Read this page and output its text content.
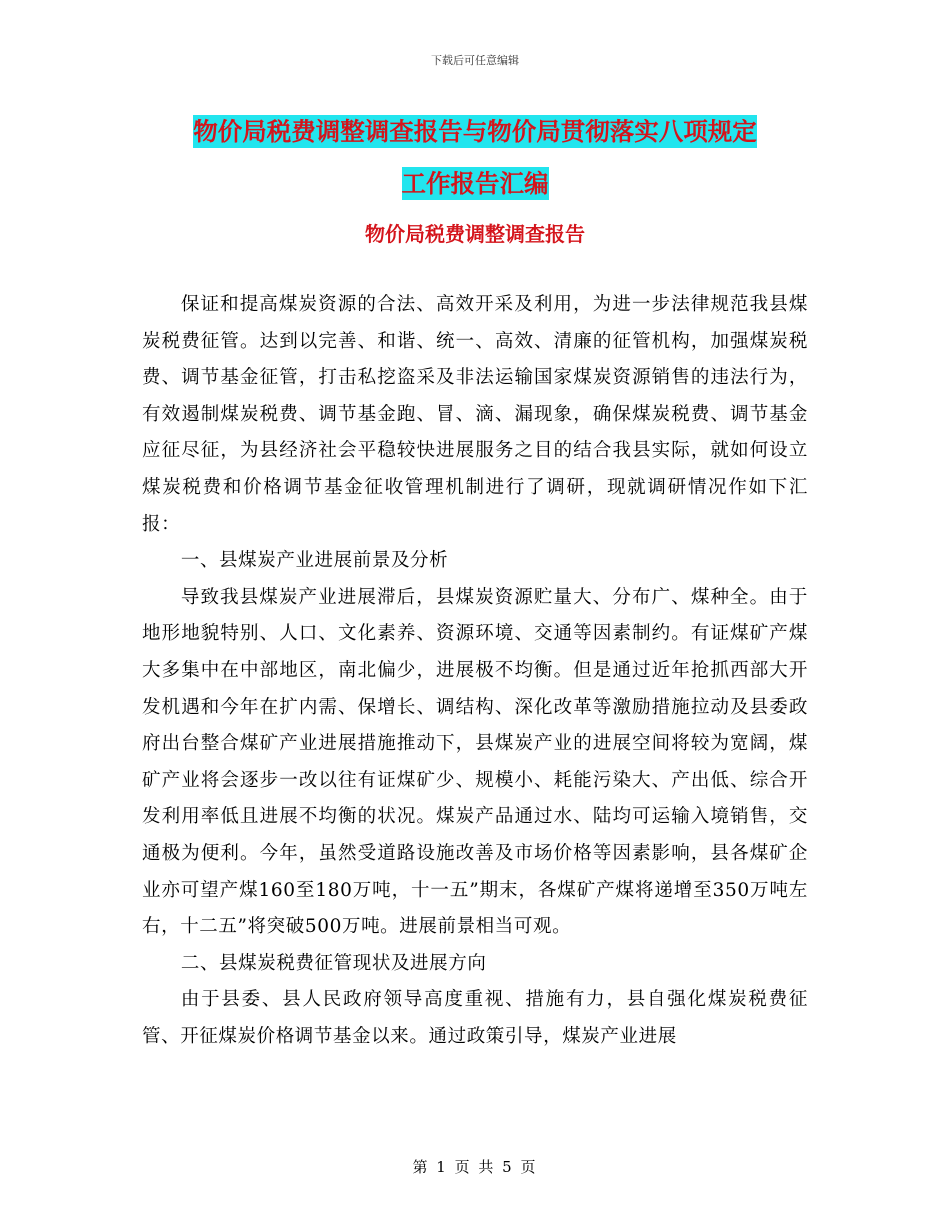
下载后可任意编辑
物价局税费调整调查报告与物价局贯彻落实八项规定
工作报告汇编
物价局税费调整调查报告

保证和提高煤炭资源的合法、高效开采及利用，为进一步法律规范我县煤炭税费征管。达到以完善、和谐、统一、高效、清廉的征管机构，加强煤炭税费、调节基金征管，打击私挖盗采及非法运输国家煤炭资源销售的违法行为，有效遏制煤炭税费、调节基金跑、冒、滴、漏现象，确保煤炭税费、调节基金应征尽征，为县经济社会平稳较快进展服务之目的结合我县实际，就如何设立煤炭税费和价格调节基金征收管理机制进行了调研，现就调研情况作如下汇报：

一、县煤炭产业进展前景及分析

导致我县煤炭产业进展滞后，县煤炭资源贮量大、分布广、煤种全。由于地形地貌特别、人口、文化素养、资源环境、交通等因素制约。有证煤矿产煤大多集中在中部地区，南北偏少，进展极不均衡。但是通过近年抢抓西部大开发机遇和今年在扩内需、保增长、调结构、深化改革等激励措施拉动及县委政府出台整合煤矿产业进展措施推动下，县煤炭产业的进展空间将较为宽阔，煤矿产业将会逐步一改以往有证煤矿少、规模小、耗能污染大、产出低、综合开发利用率低且进展不均衡的状况。煤炭产品通过水、陆均可运输入境销售，交通极为便利。今年，虽然受道路设施改善及市场价格等因素影响，县各煤矿企业亦可望产煤160至180万吨，十一五”期末，各煤矿产煤将递增至350万吨左右，十二五”将突破500万吨。进展前景相当可观。

二、县煤炭税费征管现状及进展方向

由于县委、县人民政府领导高度重视、措施有力，县自强化煤炭税费征管、开征煤炭价格调节基金以来。通过政策引导，煤炭产业进展

第 1 页 共 5 页
